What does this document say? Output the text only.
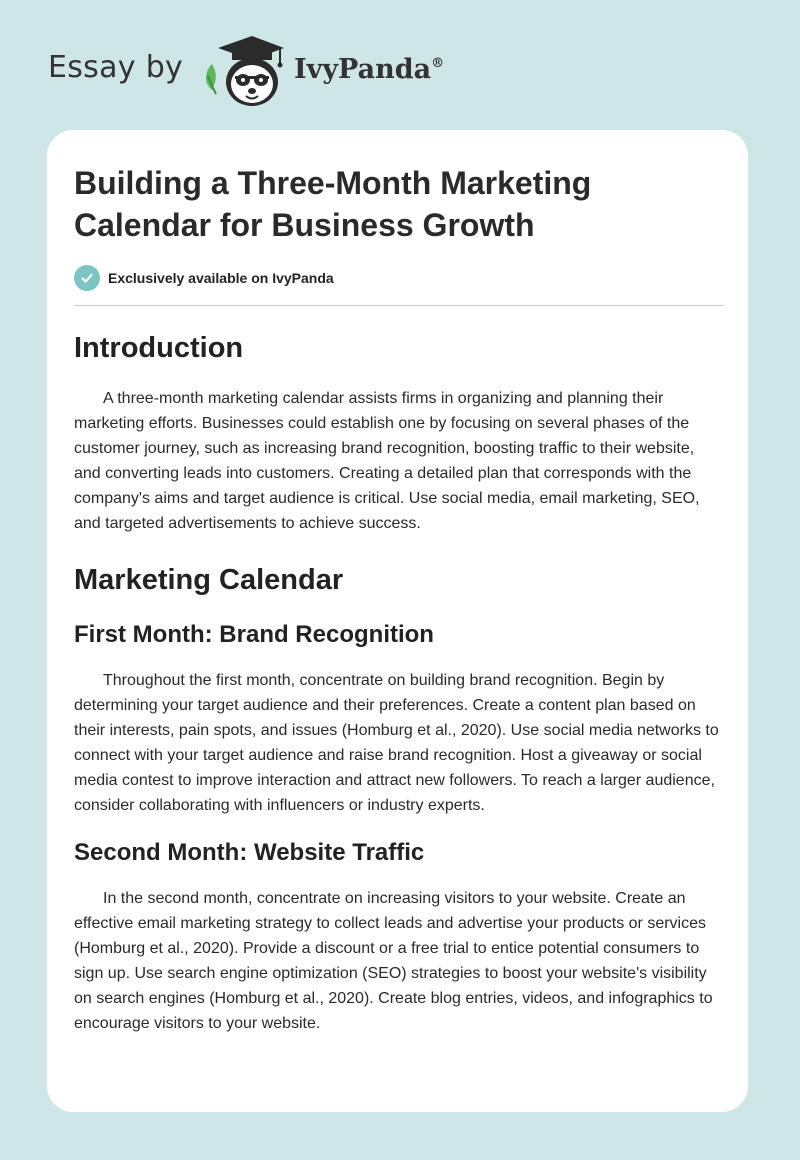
Essay by	IvyPanda®
Building a Three-Month Marketing Calendar for Business Growth
Exclusively available on IvyPanda
Introduction

A three-month marketing calendar assists firms in organizing and planning their marketing efforts. Businesses could establish one by focusing on several phases of the customer journey, such as increasing brand recognition, boosting traffic to their website, and converting leads into customers. Creating a detailed plan that corresponds with the company's aims and target audience is critical. Use social media, email marketing, SEO, and targeted advertisements to achieve success.

Marketing Calendar
First Month: Brand Recognition

Throughout the first month, concentrate on building brand recognition. Begin by determining your target audience and their preferences. Create a content plan based on their interests, pain spots, and issues (Homburg et al., 2020). Use social media networks to connect with your target audience and raise brand recognition. Host a giveaway or social media contest to improve interaction and attract new followers. To reach a larger audience, consider collaborating with influencers or industry experts.

Second Month: Website Traffic

In the second month, concentrate on increasing visitors to your website. Create an effective email marketing strategy to collect leads and advertise your products or services (Homburg et al., 2020). Provide a discount or a free trial to entice potential consumers to sign up. Use search engine optimization (SEO) strategies to boost your website's visibility on search engines (Homburg et al., 2020). Create blog entries, videos, and infographics to encourage visitors to your website.
